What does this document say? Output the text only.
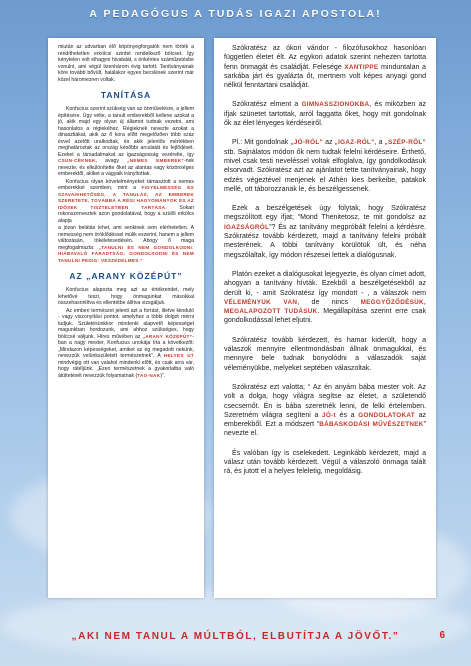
A PEDAGÓGUS A TUDÁS IGAZI APOSTOLA!

miután az udvarban élő köpönyegforgatók nem törték a rendíthetetlen erkölcsi szintet rendelkező bölcset. Így kénytelen volt elhagyni hivatalát, s önkéntes száműzetésbe vonulni, ami végül tizenhárom évig tartott. Tanítványainak köre tovább bővült, halálakor egyes becslések szerint már közel háromezren voltak.

TANÍTÁSA

Konfucius szerint szükség van az önművelésre, a jellem építésére. Úgy vélte, a tanult emberekből kellene azokat a jó, akik majd egy olyan új államot tudnak vezetni, ami hasonlatos a régiekéhez. Régieknek nevezte azokat a dinasztiákat, akik az ő kora előtt megelőzően több száz évvel azelőtt uralkodtak, és akik jelentős mértékben meghatároztak az ország későbbi arculatát és fejlődését. Ezeket a társadalmakat az igazságosság vezérelte, így CSÚN-CÉKNEK, avagy „NEMES EMBEREK”-nek nevezte, és elkülönítette őket az alantas vagy közönséges emberektől, akiket a vágyaik irányítottak.

Konfucius olyan követelményeket támasztott a nemes emberekkel szemben, mint a FIGYELMESSÉG ÉS SZAVAHIHETŐSÉG, A TANULÁS, AZ EMBEREK SZERETETE, TOVÁBBÁ A RÉGI HAGYOMÁNYOK ÉS AZ IDŐSEK TISZTELETBEN TARTÁSA. Sokan rokonszenveztek azon gondolatával, hogy a szülői erkölcs alapja

a józan belátás lehet, ami senkinek sem elérhetetlen. A nemesség nem öröklődéssel múlik eszerint, hanem a jellem változásán, tökéletesedésén. Ahogy ő maga megfogalmazta: „TANULNI ÉS NEM GONDOLKODNI: HIÁBAVALÓ FÁRADTSÁG; GONDOLKODNI ÉS NEM TANULNI PEDIG: VESZEDELMES.”

AZ „ARANY KÖZÉPÚT”

Konfucius alapozta meg azt az értékrendet, mely lehetővé teszi, hogy önmagunkat másokkal összehasonlítva és ellentétbe állítva vizsgáljuk.

Az emberi természet jelenti azt a forrást, illetve kiinduló - vagy viszonyítási pontot, amelyhez a többi dolgot mérni tudjuk. Születésünkkor mindenki alapvető képességet magunkban hordozunk, ami ahhoz szükséges, hogy bölccsé váljunk. Híres művében az „ARANY KÖZÉPÚT”-ban a nagy mester, Konfucius unokája írta a következőt: „Mindazon képességeket, amiket az ég megadott nekünk, nevezzük velünkszületett természetnek”. A HELYES ÚT mindvégig ott van valahol mindenki előtt, és csak arra vár, hogy rátéljünk. „Ezen természetnek a gyakorlatba való átültetését nevezzük folyamatnak (TAO-NAK)”.

Szókratész az ókori vándor - filozófusokhoz hasonlóan független életet élt. Az egykori adatok szerint nehezen tartotta fenn önmagát és családját. Felesége XANTIPPE minduntalan a sarkába járt és gyalázta őt, mertnem volt képes anyagi gond nélkül fenntartani családját.

Szókratész elment a GIMNASSZIONOKBA, és miközben az ifjak szünetet tartottak, arról faggatta őket, hogy mit gondolnak ők az élet lényeges kérdéseiről.

Pl.: Mit gondolnak „JÓ-RÓL” az „IGAZ-RÓL”, a „SZÉP-RŐL” stb. Sajnálatos módon ők nem tudtak felelni kérdéseire. Érthető, mivel csak testi neveléssel voltak elfoglalva, így gondolkodásuk elsorvadt. Szókratész azt az ajánlatot tette tanítványainak, hogy edzés végeztével menjenek el Athén kies berkeibe, patakok mellé, ott táborozzanak le, és beszélgessenek.

Ezek a beszélgetések úgy folytak, hogy Szókratész megszólított egy ifjat; “Mond Thenitetosz, te mit gondolsz az IGAZSÁGRÓL”? És az tanítvány megpróbált felelni a kérdésre. Szókratész tovább kérdezett, majd a tanítvány felelni próbált mesterének. A többi tanítvány körülötük ült, és néha megszólaltak, így módon részesei lettek a dialógusnak.

Platón ezeket a dialógusokat lejegyezte, és olyan címet adott, ahogyan a tanítvány hívták. Ezekből a beszélgetésekből az derült ki, - amit Szókratész így mondott - , a válaszok nem VÉLEMÉNYÜK VAN, de nincs MEGGYŐZŐDÉSÜK, MEGALAPOZOTT TUDÁSUK. Megállapítása szerint erre csak gondolkodással lehet eljutni.

Szókratész tovább kérdezett, és hamar kiderült, hogy a válaszok mennyire ellentmondásban állnak önmagukkal, és mennyire bele tudnak bonyolódni a válaszadók saját véleményükbe, melyeket septében válaszoltak.

Szókratész ezt valotta; “ Az én anyám bába mester volt. Az volt a dolga, hogy világra segítse az életet, a születendő csecsemőt. Én is bába szeretnék lenni, de lelki értelemben. Szeretném világra segíteni a JÓ-t és a GONDOLATOKAT az emberekből. Ezt a módszert “BÁBASKODÁSI MŰVÉSZETNEK” nevezte el.

És valóban így is cselekedett. Leginkább kérdezett, majd a válasz után tovább kérdezett. Végül a válaszoló önmaga talált rá, és jutott el a helyes feleletig, megoldásig.

„AKI NEM TANUL A MÚLTBÓL, ELBUTÍTJA A JÖVŐT.”	6
